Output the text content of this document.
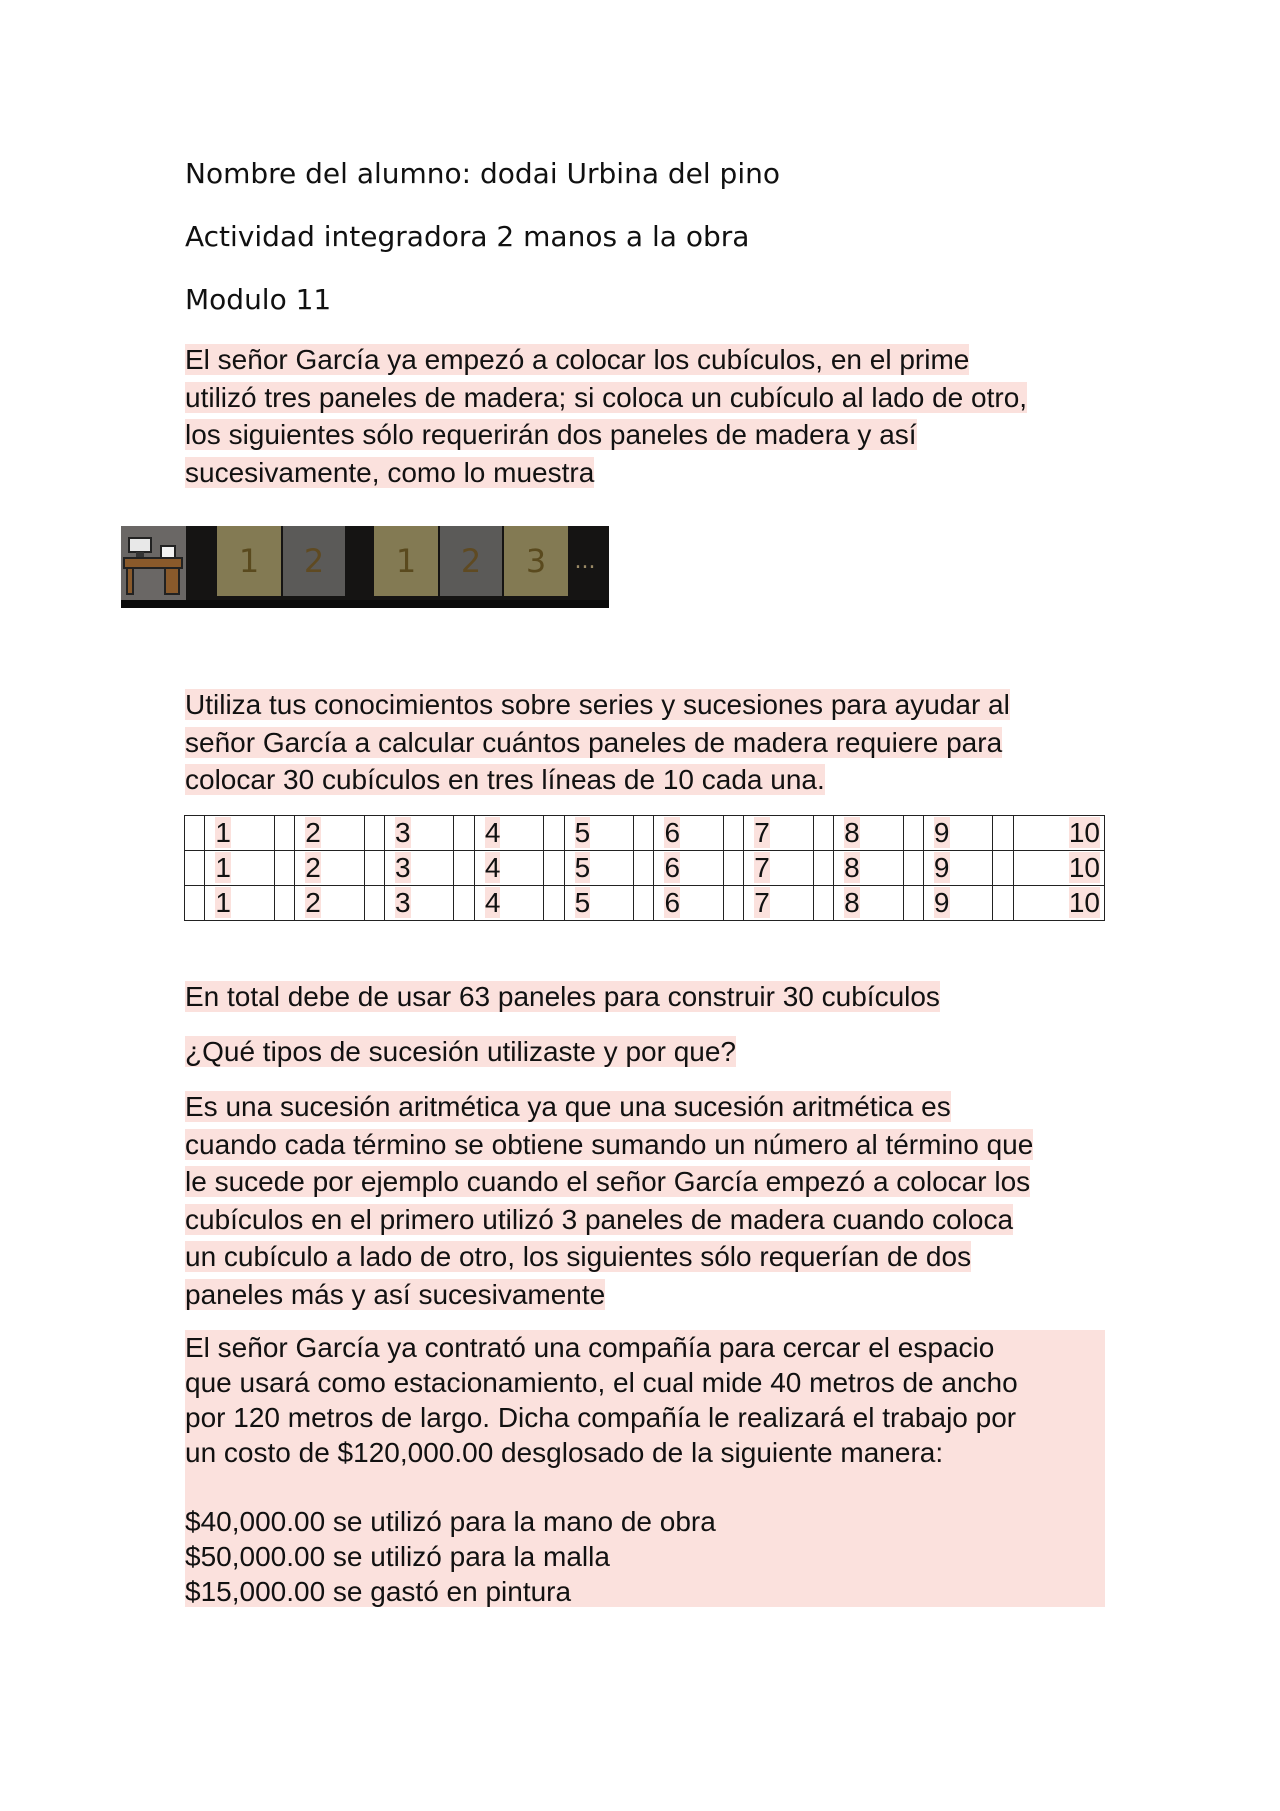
Nombre del alumno: dodai Urbina del pino
Actividad integradora 2 manos a la obra
Modulo 11
El señor García ya empezó a colocar los cubículos, en el prime
utilizó tres paneles de madera; si coloca un cubículo al lado de otro,
los siguientes sólo requerirán dos paneles de madera y así
sucesivamente, como lo muestra
1	2	1	2	3	...
Utiliza tus conocimientos sobre series y sucesiones para ayudar al
señor García a calcular cuántos paneles de madera requiere para
colocar 30 cubículos en tres líneas de 10 cada una.
	1		2		3		4		5		6		7		8		9		10
	1		2		3		4		5		6		7		8		9		10
	1		2		3		4		5		6		7		8		9		10
En total debe de usar 63 paneles para construir 30 cubículos
¿Qué tipos de sucesión utilizaste y por que?
Es una sucesión aritmética ya que una sucesión aritmética es
cuando cada término se obtiene sumando un número al término que
le sucede por ejemplo cuando el señor García empezó a colocar los
cubículos en el primero utilizó 3 paneles de madera cuando coloca
un cubículo a lado de otro, los siguientes sólo requerían de dos
paneles más y así sucesivamente
El señor García ya contrató una compañía para cercar el espacio
que usará como estacionamiento, el cual mide 40 metros de ancho
por 120 metros de largo. Dicha compañía le realizará el trabajo por
un costo de $120,000.00 desglosado de la siguiente manera:
$40,000.00 se utilizó para la mano de obra
$50,000.00 se utilizó para la malla
$15,000.00 se gastó en pintura
